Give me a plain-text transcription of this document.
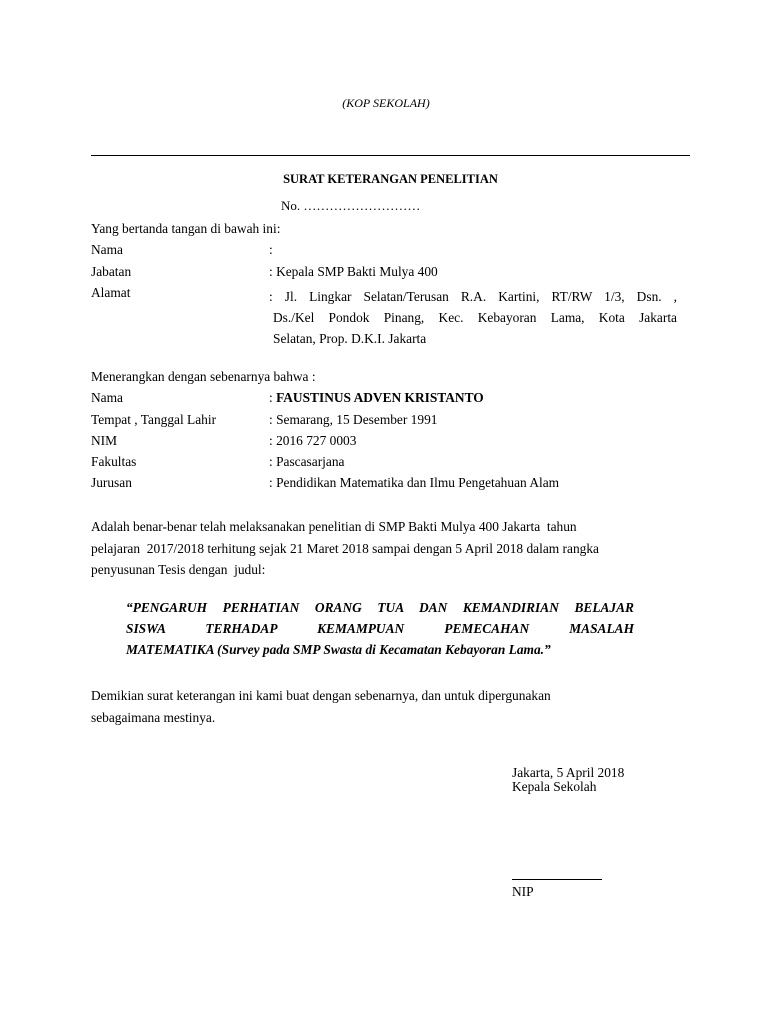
(KOP SEKOLAH)
SURAT KETERANGAN PENELITIAN
No. ………………………
Yang bertanda tangan di bawah ini:
Nama	:
Jabatan	: Kepala SMP Bakti Mulya 400
Alamat	: Jl. Lingkar Selatan/Terusan R.A. Kartini, RT/RW 1/3, Dsn. ,
Ds./Kel Pondok Pinang, Kec. Kebayoran Lama, Kota Jakarta
Selatan, Prop. D.K.I. Jakarta
Menerangkan dengan sebenarnya bahwa :
Nama	: FAUSTINUS ADVEN KRISTANTO
Tempat , Tanggal Lahir	: Semarang, 15 Desember 1991
NIM	: 2016 727 0003
Fakultas	: Pascasarjana
Jurusan	: Pendidikan Matematika dan Ilmu Pengetahuan Alam
Adalah benar-benar telah melaksanakan penelitian di SMP Bakti Mulya 400 Jakarta  tahun
pelajaran  2017/2018 terhitung sejak 21 Maret 2018 sampai dengan 5 April 2018 dalam rangka
penyusunan Tesis dengan  judul:
“PENGARUH PERHATIAN ORANG TUA DAN KEMANDIRIAN BELAJAR
SISWA TERHADAP KEMAMPUAN PEMECAHAN MASALAH
MATEMATIKA (Survey pada SMP Swasta di Kecamatan Kebayoran Lama.”
Demikian surat keterangan ini kami buat dengan sebenarnya, dan untuk dipergunakan
sebagaimana mestinya.
Jakarta, 5 April 2018
Kepala Sekolah
NIP
